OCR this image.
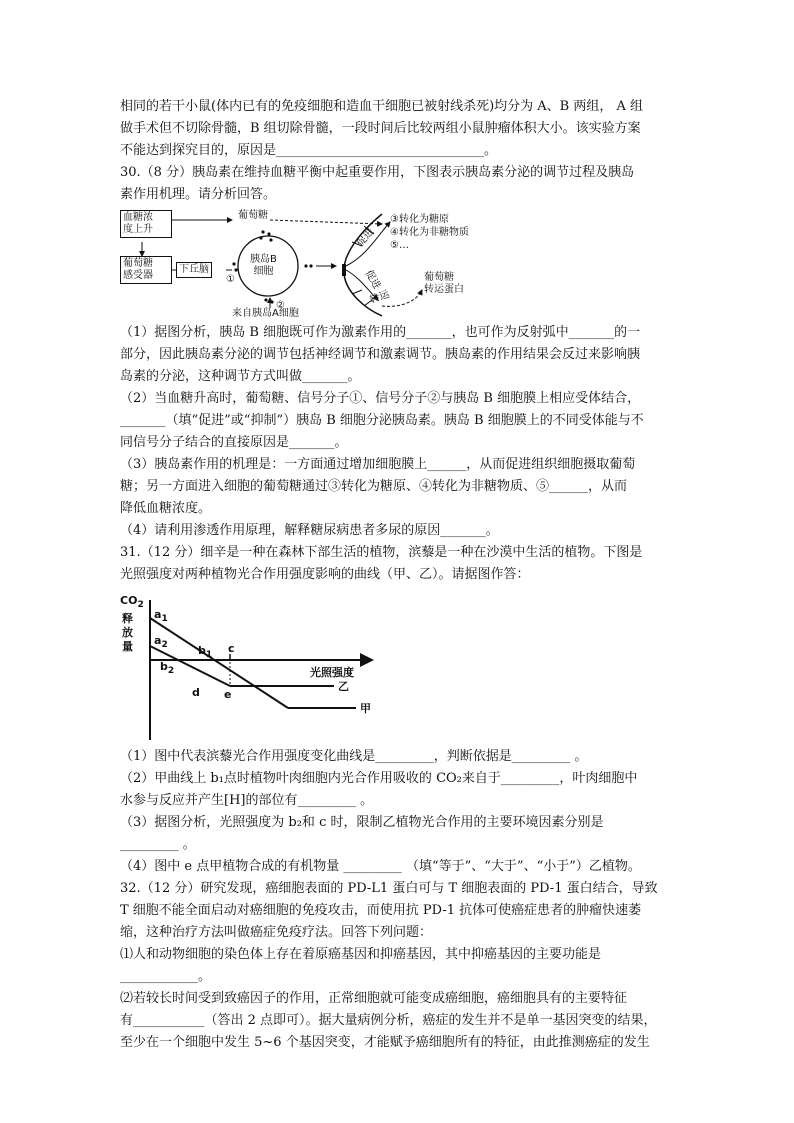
相同的若干小鼠(体内已有的免疫细胞和造血干细胞已被射线杀死)均分为 A、B 两组， A 组

做手术但不切除骨髓，B 组切除骨髓，一段时间后比较两组小鼠肿瘤体积大小。该实验方案

不能达到探究目的，原因是________________________________。

30.（8 分）胰岛素在维持血糖平衡中起重要作用，下图表示胰岛素分泌的调节过程及胰岛

素作用机理。请分析回答。

血糖浓
度上升
葡萄糖
感受器
下丘脑
葡萄糖
胰岛B
细胞
①
②
来自胰岛A细胞
③转化为糖原
④转化为非糖物质
⑤…
促进
促进
转运
葡萄糖
转运蛋白

（1）据图分析，胰岛 B 细胞既可作为激素作用的_______，也可作为反射弧中_______的一

部分，因此胰岛素分泌的调节包括神经调节和激素调节。胰岛素的作用结果会反过来影响胰

岛素的分泌，这种调节方式叫做_______。

（2）当血糖升高时，葡萄糖、信号分子①、信号分子②与胰岛 B 细胞膜上相应受体结合，

_______（填“促进”或“抑制”）胰岛 B 细胞分泌胰岛素。胰岛 B 细胞膜上的不同受体能与不

同信号分子结合的直接原因是_______。

（3）胰岛素作用的机理是：一方面通过增加细胞膜上______，从而促进组织细胞摄取葡萄

糖；另一方面进入细胞的葡萄糖通过③转化为糖原、④转化为非糖物质、⑤______，从而

降低血糖浓度。

（4）请利用渗透作用原理，解释糖尿病患者多尿的原因_______。

31.（12 分）细辛是一种在森林下部生活的植物，滨藜是一种在沙漠中生活的植物。下图是

光照强度对两种植物光合作用强度影响的曲线（甲、乙）。请据图作答：

$CO_2$
释
放
量
$a_1$
$a_2$	$b_1$
$b_2$
c
d e
光照强度
乙
甲

（1）图中代表滨藜光合作用强度变化曲线是_________，判断依据是_________ 。

（2）甲曲线上 b₁点时植物叶肉细胞内光合作用吸收的 CO₂来自于_________，叶肉细胞中

水参与反应并产生[H]的部位有_________ 。

（3）据图分析，光照强度为 b₂和 c 时，限制乙植物光合作用的主要环境因素分别是

_________ 。

（4）图中 e 点甲植物合成的有机物量 _________ （填“等于”、“大于”、“小于”）乙植物。

32.（12 分）研究发现，癌细胞表面的 PD-L1 蛋白可与 T 细胞表面的 PD-1 蛋白结合，导致

T 细胞不能全面启动对癌细胞的免疫攻击，而使用抗 PD-1 抗体可使癌症患者的肿瘤快速萎

缩，这种治疗方法叫做癌症免疫疗法。回答下列问题：

⑴人和动物细胞的染色体上存在着原癌基因和抑癌基因，其中抑癌基因的主要功能是

____________。

⑵若较长时间受到致癌因子的作用，正常细胞就可能变成癌细胞，癌细胞具有的主要特征

有___________（答出 2 点即可）。据大量病例分析，癌症的发生并不是单一基因突变的结果，

至少在一个细胞中发生 5~6 个基因突变，才能赋予癌细胞所有的特征，由此推测癌症的发生
